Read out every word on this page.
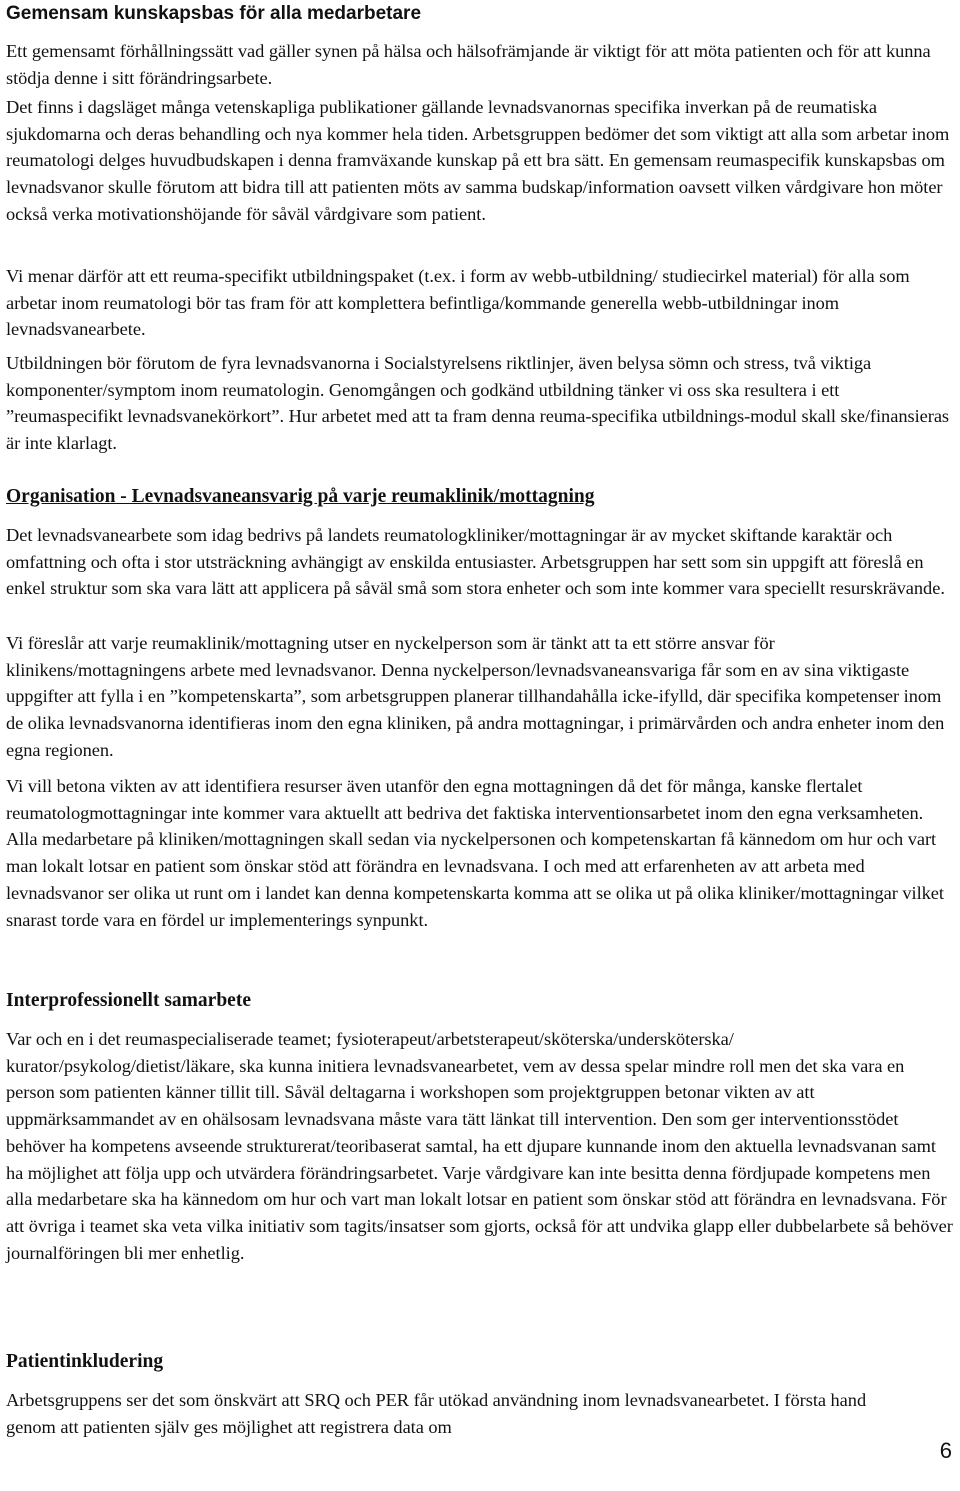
Gemensam kunskapsbas för alla medarbetare

Ett gemensamt förhållningssätt vad gäller synen på hälsa och hälsofrämjande är viktigt för att möta patienten och för att kunna stödja denne i sitt förändringsarbete.

Det finns i dagsläget många vetenskapliga publikationer gällande levnadsvanornas specifika inverkan på de reumatiska sjukdomarna och deras behandling och nya kommer hela tiden. Arbetsgruppen bedömer det som viktigt att alla som arbetar inom reumatologi delges huvudbudskapen i denna framväxande kunskap på ett bra sätt. En gemensam reumaspecifik kunskapsbas om levnadsvanor skulle förutom att bidra till att patienten möts av samma budskap/information oavsett vilken vårdgivare hon möter också verka motivationshöjande för såväl vårdgivare som patient.

Vi menar därför att ett reuma-specifikt utbildningspaket (t.ex. i form av webb-utbildning/ studiecirkel material) för alla som arbetar inom reumatologi bör tas fram för att komplettera befintliga/kommande generella webb-utbildningar inom levnadsvanearbete.

Utbildningen bör förutom de fyra levnadsvanorna i Socialstyrelsens riktlinjer, även belysa sömn och stress, två viktiga komponenter/symptom inom reumatologin. Genomgången och godkänd utbildning tänker vi oss ska resultera i ett ”reumaspecifikt levnadsvanekörkort”. Hur arbetet med att ta fram denna reuma-specifika utbildnings-modul skall ske/finansieras är inte klarlagt.

Organisation - Levnadsvaneansvarig på varje reumaklinik/mottagning

Det levnadsvanearbete som idag bedrivs på landets reumatologkliniker/mottagningar är av mycket skiftande karaktär och omfattning och ofta i stor utsträckning avhängigt av enskilda entusiaster. Arbetsgruppen har sett som sin uppgift att föreslå en enkel struktur som ska vara lätt att applicera på såväl små som stora enheter och som inte kommer vara speciellt resurskrävande.

Vi föreslår att varje reumaklinik/mottagning utser en nyckelperson som är tänkt att ta ett större ansvar för klinikens/mottagningens arbete med levnadsvanor. Denna nyckelperson/levnadsvaneansvariga får som en av sina viktigaste uppgifter att fylla i en ”kompetenskarta”, som arbetsgruppen planerar tillhandahålla icke-ifylld, där specifika kompetenser inom de olika levnadsvanorna identifieras inom den egna kliniken, på andra mottagningar, i primärvården och andra enheter inom den egna regionen.

Vi vill betona vikten av att identifiera resurser även utanför den egna mottagningen då det för många, kanske flertalet reumatologmottagningar inte kommer vara aktuellt att bedriva det faktiska interventionsarbetet inom den egna verksamheten. Alla medarbetare på kliniken/mottagningen skall sedan via nyckelpersonen och kompetenskartan få kännedom om hur och vart man lokalt lotsar en patient som önskar stöd att förändra en levnadsvana. I och med att erfarenheten av att arbeta med levnadsvanor ser olika ut runt om i landet kan denna kompetenskarta komma att se olika ut på olika kliniker/mottagningar vilket snarast torde vara en fördel ur implementerings synpunkt.

Interprofessionellt samarbete

Var och en i det reumaspecialiserade teamet; fysioterapeut/arbetsterapeut/sköterska/undersköterska/ kurator/psykolog/dietist/läkare, ska kunna initiera levnadsvanearbetet, vem av dessa spelar mindre roll men det ska vara en person som patienten känner tillit till. Såväl deltagarna i workshopen som projektgruppen betonar vikten av att uppmärksammandet av en ohälsosam levnadsvana måste vara tätt länkat till intervention. Den som ger interventionsstödet behöver ha kompetens avseende strukturerat/teoribaserat samtal, ha ett djupare kunnande inom den aktuella levnadsvanan samt ha möjlighet att följa upp och utvärdera förändringsarbetet. Varje vårdgivare kan inte besitta denna fördjupade kompetens men alla medarbetare ska ha kännedom om hur och vart man lokalt lotsar en patient som önskar stöd att förändra en levnadsvana. För att övriga i teamet ska veta vilka initiativ som tagits/insatser som gjorts, också för att undvika glapp eller dubbelarbete så behöver journalföringen bli mer enhetlig.

Patientinkludering

Arbetsgruppens ser det som önskvärt att SRQ och PER får utökad användning inom levnadsvanearbetet. I första hand genom att patienten själv ges möjlighet att registrera data om

6
